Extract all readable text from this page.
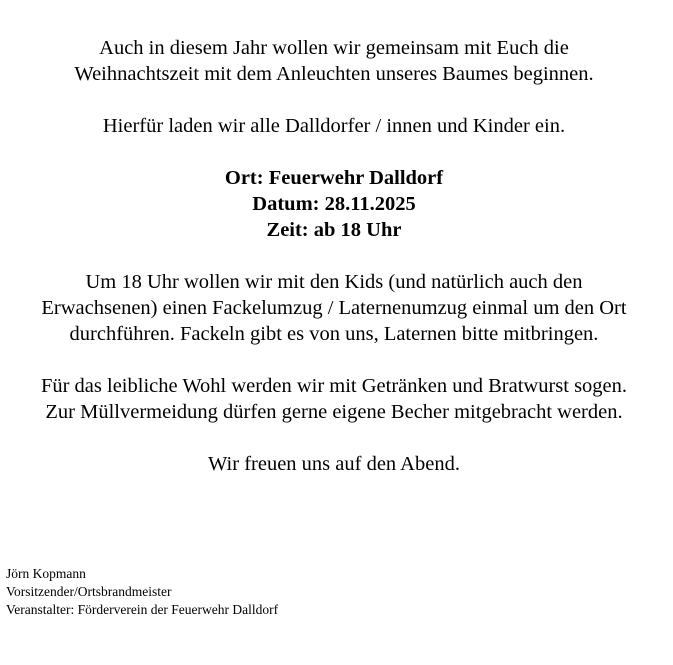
Auch in diesem Jahr wollen wir gemeinsam mit Euch die
Weihnachtszeit mit dem Anleuchten unseres Baumes beginnen.

Hierfür laden wir alle Dalldorfer / innen und Kinder ein.

Ort: Feuerwehr Dalldorf
Datum: 28.11.2025
Zeit: ab 18 Uhr

Um 18 Uhr wollen wir mit den Kids (und natürlich auch den
Erwachsenen) einen Fackelumzug / Laternenumzug einmal um den Ort
durchführen. Fackeln gibt es von uns, Laternen bitte mitbringen.

Für das leibliche Wohl werden wir mit Getränken und Bratwurst sogen.
Zur Müllvermeidung dürfen gerne eigene Becher mitgebracht werden.

Wir freuen uns auf den Abend.

Jörn Kopmann
Vorsitzender/Ortsbrandmeister
Veranstalter: Förderverein der Feuerwehr Dalldorf
